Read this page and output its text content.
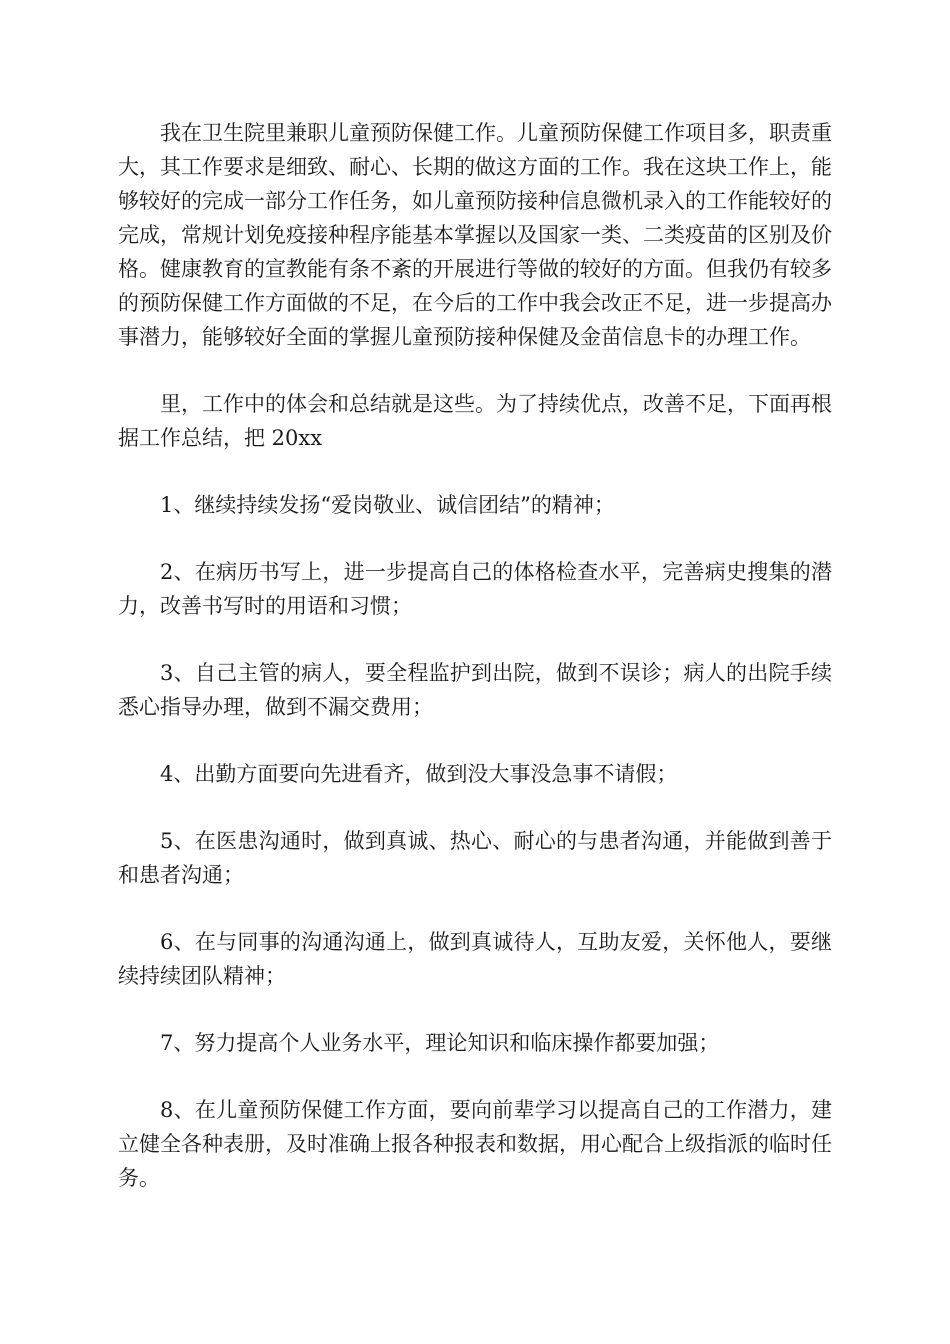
我在卫生院里兼职儿童预防保健工作。儿童预防保健工作项目多，职责重大，其工作要求是细致、耐心、长期的做这方面的工作。我在这块工作上，能够较好的完成一部分工作任务，如儿童预防接种信息微机录入的工作能较好的完成，常规计划免疫接种程序能基本掌握以及国家一类、二类疫苗的区别及价格。健康教育的宣教能有条不紊的开展进行等做的较好的方面。但我仍有较多的预防保健工作方面做的不足，在今后的工作中我会改正不足，进一步提高办事潜力，能够较好全面的掌握儿童预防接种保健及金苗信息卡的办理工作。

里，工作中的体会和总结就是这些。为了持续优点，改善不足，下面再根据工作总结，把 20xx

1、继续持续发扬“爱岗敬业、诚信团结”的精神；

2、在病历书写上，进一步提高自己的体格检查水平，完善病史搜集的潜力，改善书写时的用语和习惯；

3、自己主管的病人，要全程监护到出院，做到不误诊；病人的出院手续悉心指导办理，做到不漏交费用；

4、出勤方面要向先进看齐，做到没大事没急事不请假；

5、在医患沟通时，做到真诚、热心、耐心的与患者沟通，并能做到善于和患者沟通；

6、在与同事的沟通沟通上，做到真诚待人，互助友爱，关怀他人，要继续持续团队精神；

7、努力提高个人业务水平，理论知识和临床操作都要加强；

8、在儿童预防保健工作方面，要向前辈学习以提高自己的工作潜力，建立健全各种表册，及时准确上报各种报表和数据，用心配合上级指派的临时任务。
